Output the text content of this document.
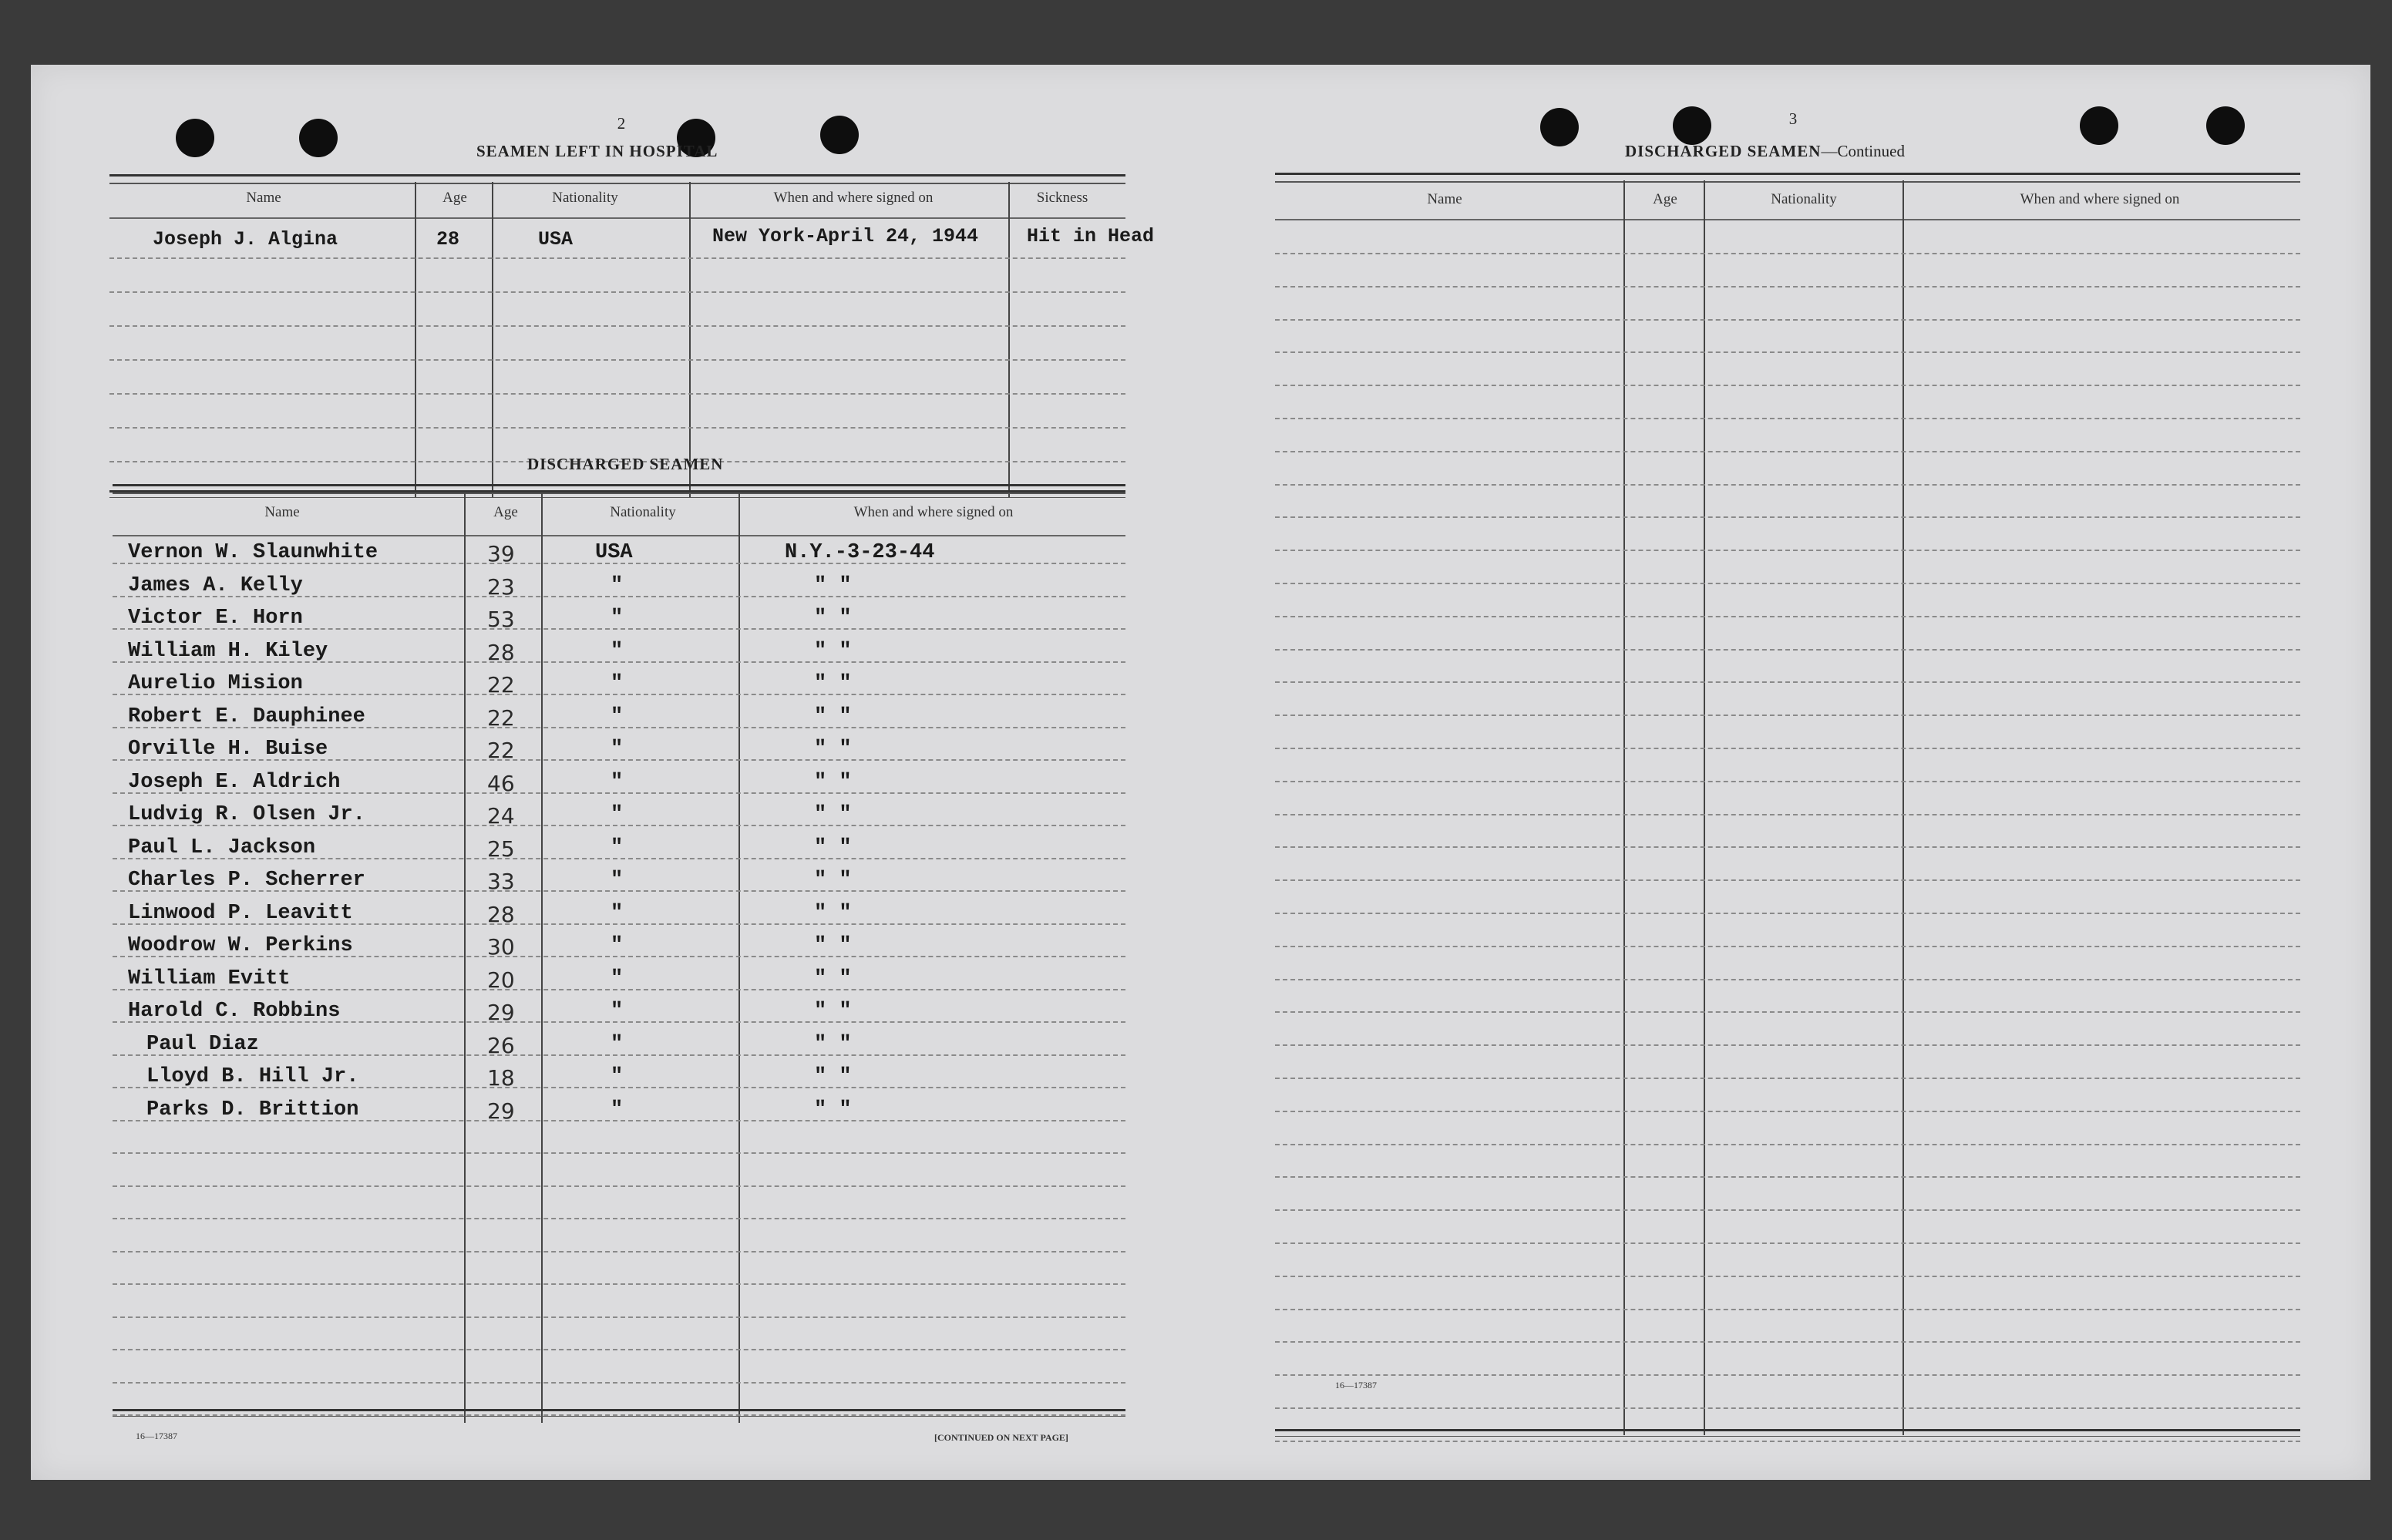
2
SEAMEN LEFT IN HOSPITAL
Name	Age	Nationality	When and where signed on	Sickness
Joseph J. Algina	28	USA	New York-April 24, 1944	Hit in Head
DISCHARGED SEAMEN
Name	Age	Nationality	When and where signed on
Vernon W. Slaunwhite	39	USA	N.Y.-3-23-44
James A. Kelly	23	"	" "
Victor E. Horn	53	"	" "
William H. Kiley	28	"	" "
Aurelio Mision	22	"	" "
Robert E. Dauphinee	22	"	" "
Orville H. Buise	22	"	" "
Joseph E. Aldrich	46	"	" "
Ludvig R. Olsen Jr.	24	"	" "
Paul L. Jackson	25	"	" "
Charles P. Scherrer	33	"	" "
Linwood P. Leavitt	28	"	" "
Woodrow W. Perkins	30	"	" "
William Evitt	20	"	" "
Harold C. Robbins	29	"	" "
Paul Diaz	26	"	" "
Lloyd B. Hill Jr.	18	"	" "
Parks D. Brittion	29	"	" "
16—17387	[CONTINUED ON NEXT PAGE]
3
DISCHARGED SEAMEN—Continued
Name	Age	Nationality	When and where signed on
16—17387
